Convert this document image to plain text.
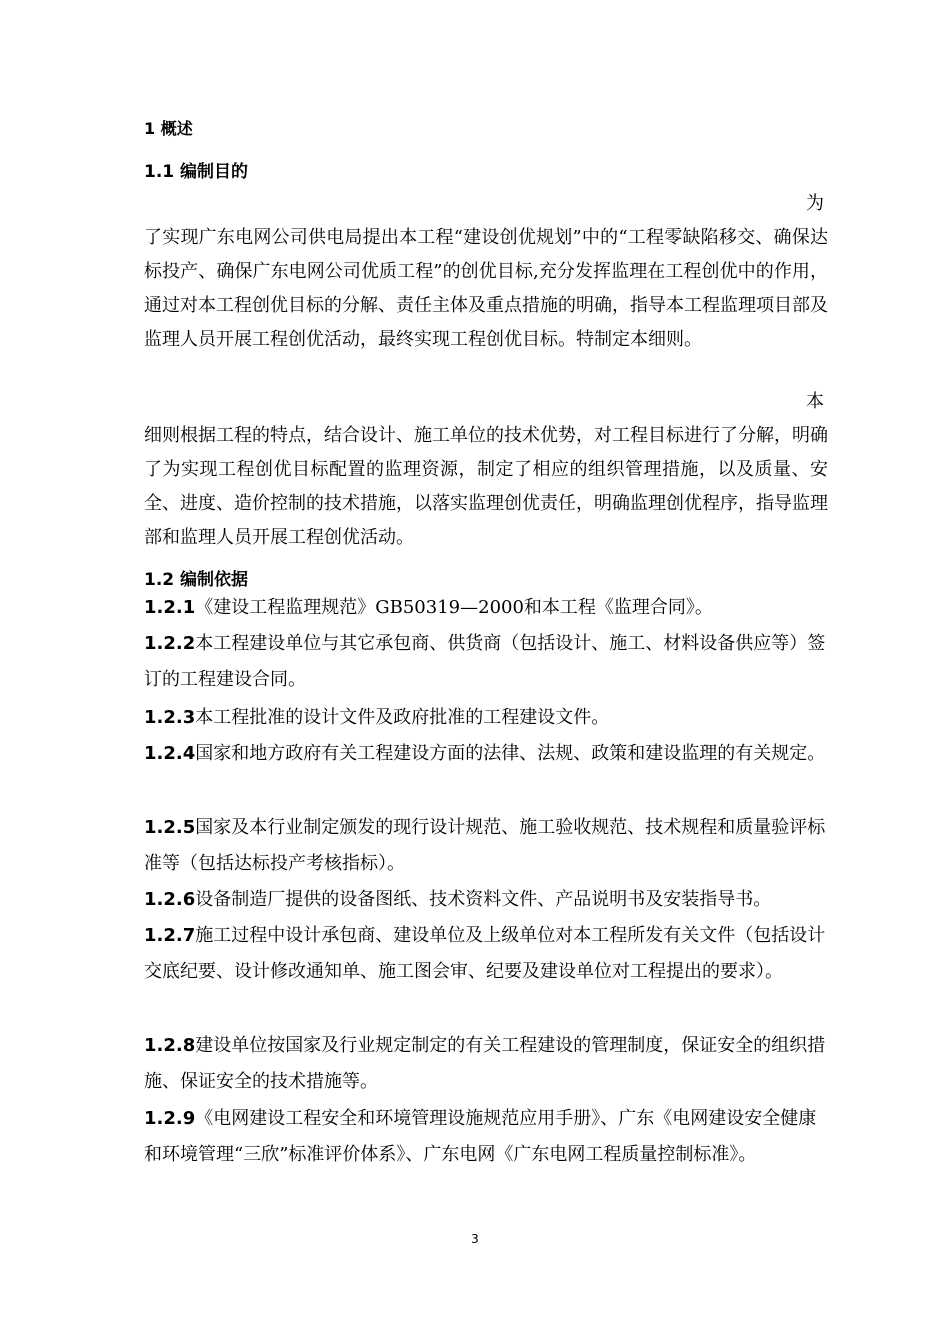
1 概述
1.1 编制目的
为
了实现广东电网公司供电局提出本工程“建设创优规划”中的“工程零缺陷移交、确保达标投产、确保广东电网公司优质工程”的创优目标,充分发挥监理在工程创优中的作用，通过对本工程创优目标的分解、责任主体及重点措施的明确，指导本工程监理项目部及监理人员开展工程创优活动，最终实现工程创优目标。特制定本细则。
本
细则根据工程的特点，结合设计、施工单位的技术优势，对工程目标进行了分解，明确了为实现工程创优目标配置的监理资源，制定了相应的组织管理措施，以及质量、安全、进度、造价控制的技术措施，以落实监理创优责任，明确监理创优程序，指导监理部和监理人员开展工程创优活动。
1.2 编制依据
1.2.1《建设工程监理规范》GB50319—2000和本工程《监理合同》。
1.2.2本工程建设单位与其它承包商、供货商（包括设计、施工、材料设备供应等）签订的工程建设合同。
1.2.3本工程批准的设计文件及政府批准的工程建设文件。
1.2.4国家和地方政府有关工程建设方面的法律、法规、政策和建设监理的有关规定。
1.2.5国家及本行业制定颁发的现行设计规范、施工验收规范、技术规程和质量验评标准等（包括达标投产考核指标）。
1.2.6设备制造厂提供的设备图纸、技术资料文件、产品说明书及安装指导书。
1.2.7施工过程中设计承包商、建设单位及上级单位对本工程所发有关文件（包括设计交底纪要、设计修改通知单、施工图会审、纪要及建设单位对工程提出的要求）。
1.2.8建设单位按国家及行业规定制定的有关工程建设的管理制度，保证安全的组织措施、保证安全的技术措施等。
1.2.9《电网建设工程安全和环境管理设施规范应用手册》、广东《电网建设安全健康和环境管理“三欣”标准评价体系》、广东电网《广东电网工程质量控制标准》。
3
